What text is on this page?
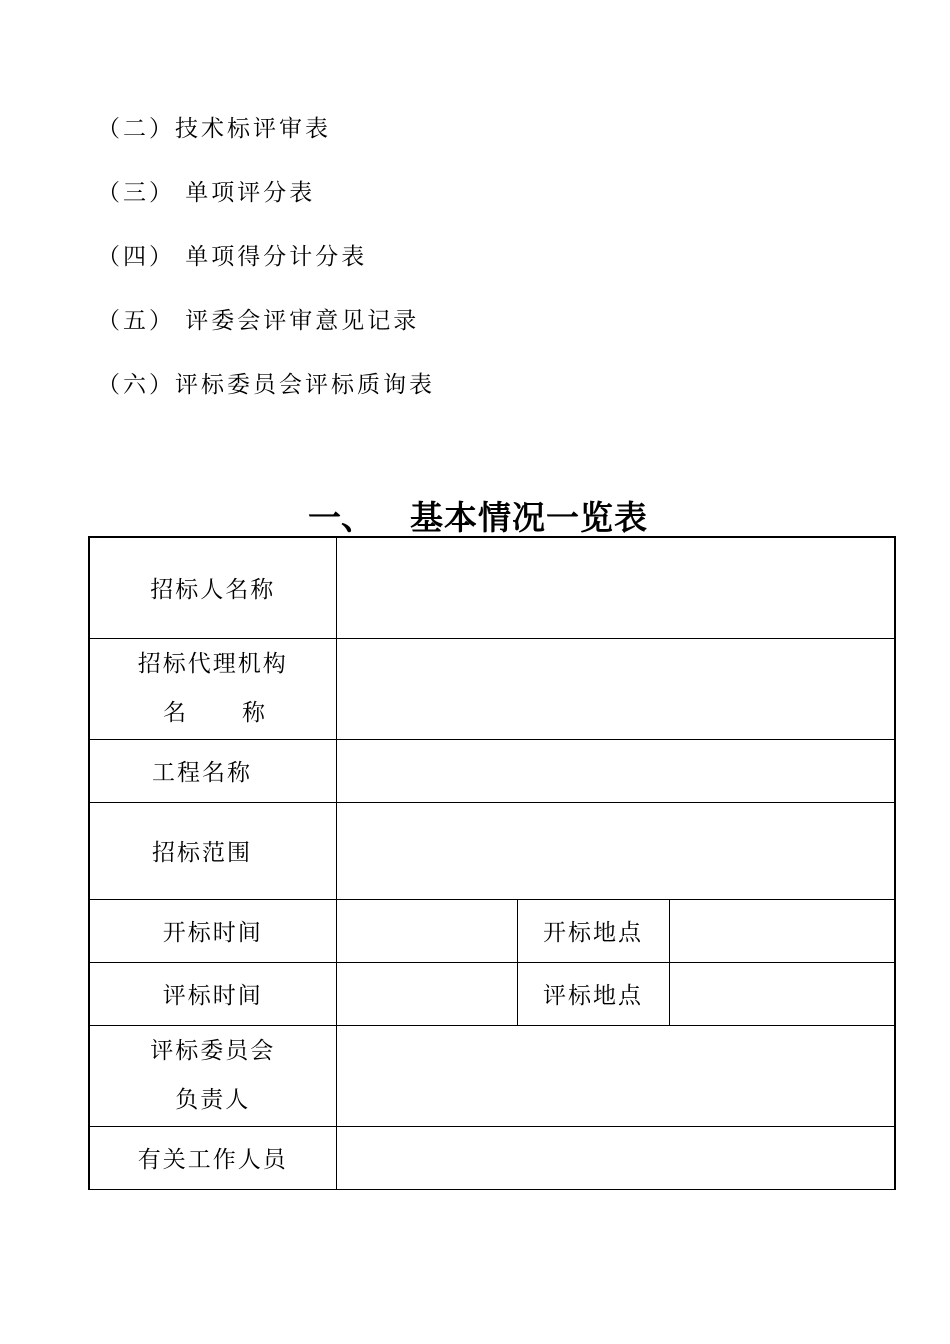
（二）技术标评审表
（三） 单项评分表
（四） 单项得分计分表
（五） 评委会评审意见记录
（六）评标委员会评标质询表
一、 基本情况一览表
招标人名称			

招标代理机构
名 称			

工程名称			
招标范围			
开标时间		开标地点	
评标时间		评标地点	

评标委员会
负责人			

有关工作人员			
